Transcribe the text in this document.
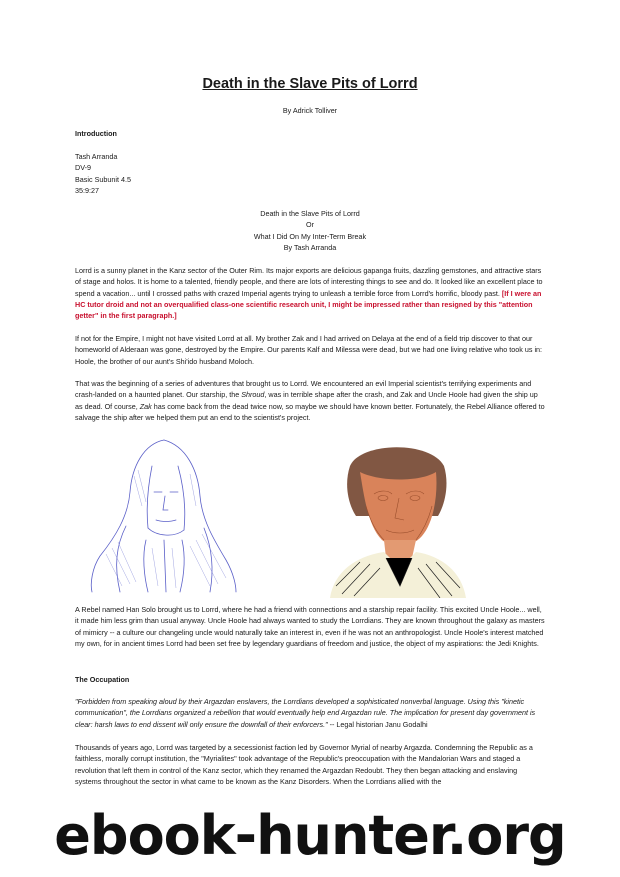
Death in the Slave Pits of Lorrd
By Adrick Tolliver
Introduction
Tash Arranda
DV-9
Basic Subunit 4.5
35:9:27
Death in the Slave Pits of Lorrd
Or
What I Did On My Inter-Term Break
By Tash Arranda
Lorrd is a sunny planet in the Kanz sector of the Outer Rim. Its major exports are delicious gapanga fruits, dazzling gemstones, and attractive stars of stage and holos. It is home to a talented, friendly people, and there are lots of interesting things to see and do. It looked like an excellent place to spend a vacation... until I crossed paths with crazed Imperial agents trying to unleash a terrible force from Lorrd's horrific, bloody past. [If I were an HC tutor droid and not an overqualified class-one scientific research unit, I might be impressed rather than resigned by this "attention getter" in the first paragraph.]
If not for the Empire, I might not have visited Lorrd at all. My brother Zak and I had arrived on Delaya at the end of a field trip discover to that our homeworld of Alderaan was gone, destroyed by the Empire. Our parents Kalf and Milessa were dead, but we had one living relative who took us in: Hoole, the brother of our aunt's Shi'ido husband Moloch.
That was the beginning of a series of adventures that brought us to Lorrd. We encountered an evil Imperial scientist's terrifying experiments and crash-landed on a haunted planet. Our starship, the Shroud, was in terrible shape after the crash, and Zak and Uncle Hoole had given the ship up as dead. Of course, Zak has come back from the dead twice now, so maybe we should have known better. Fortunately, the Rebel Alliance offered to salvage the ship after we helped them put an end to the scientist's project.
A Rebel named Han Solo brought us to Lorrd, where he had a friend with connections and a starship repair facility. This excited Uncle Hoole... well, it made him less grim than usual anyway. Uncle Hoole had always wanted to study the Lorrdians. They are known throughout the galaxy as masters of mimicry -- a culture our changeling uncle would naturally take an interest in, even if he was not an anthropologist. Uncle Hoole's interest matched my own, for in ancient times Lorrd had been set free by legendary guardians of freedom and justice, the object of my aspirations: the Jedi Knights.
The Occupation
"Forbidden from speaking aloud by their Argazdan enslavers, the Lorrdians developed a sophisticated nonverbal language. Using this "kinetic communication", the Lorrdians organized a rebellion that would eventually help end Argazdan rule. The implication for present day government is clear: harsh laws to end dissent will only ensure the downfall of their enforcers." -- Legal historian Janu Godalhi
Thousands of years ago, Lorrd was targeted by a secessionist faction led by Governor Myrial of nearby Argazda. Condemning the Republic as a faithless, morally corrupt institution, the "Myrialites" took advantage of the Republic's preoccupation with the Mandalorian Wars and staged a revolution that left them in control of the Kanz sector, which they renamed the Argazdan Redoubt. They then began attacking and enslaving systems throughout the sector in what came to be known as the Kanz Disorders. When the Lorrdians allied with the
ebook-hunter.org
